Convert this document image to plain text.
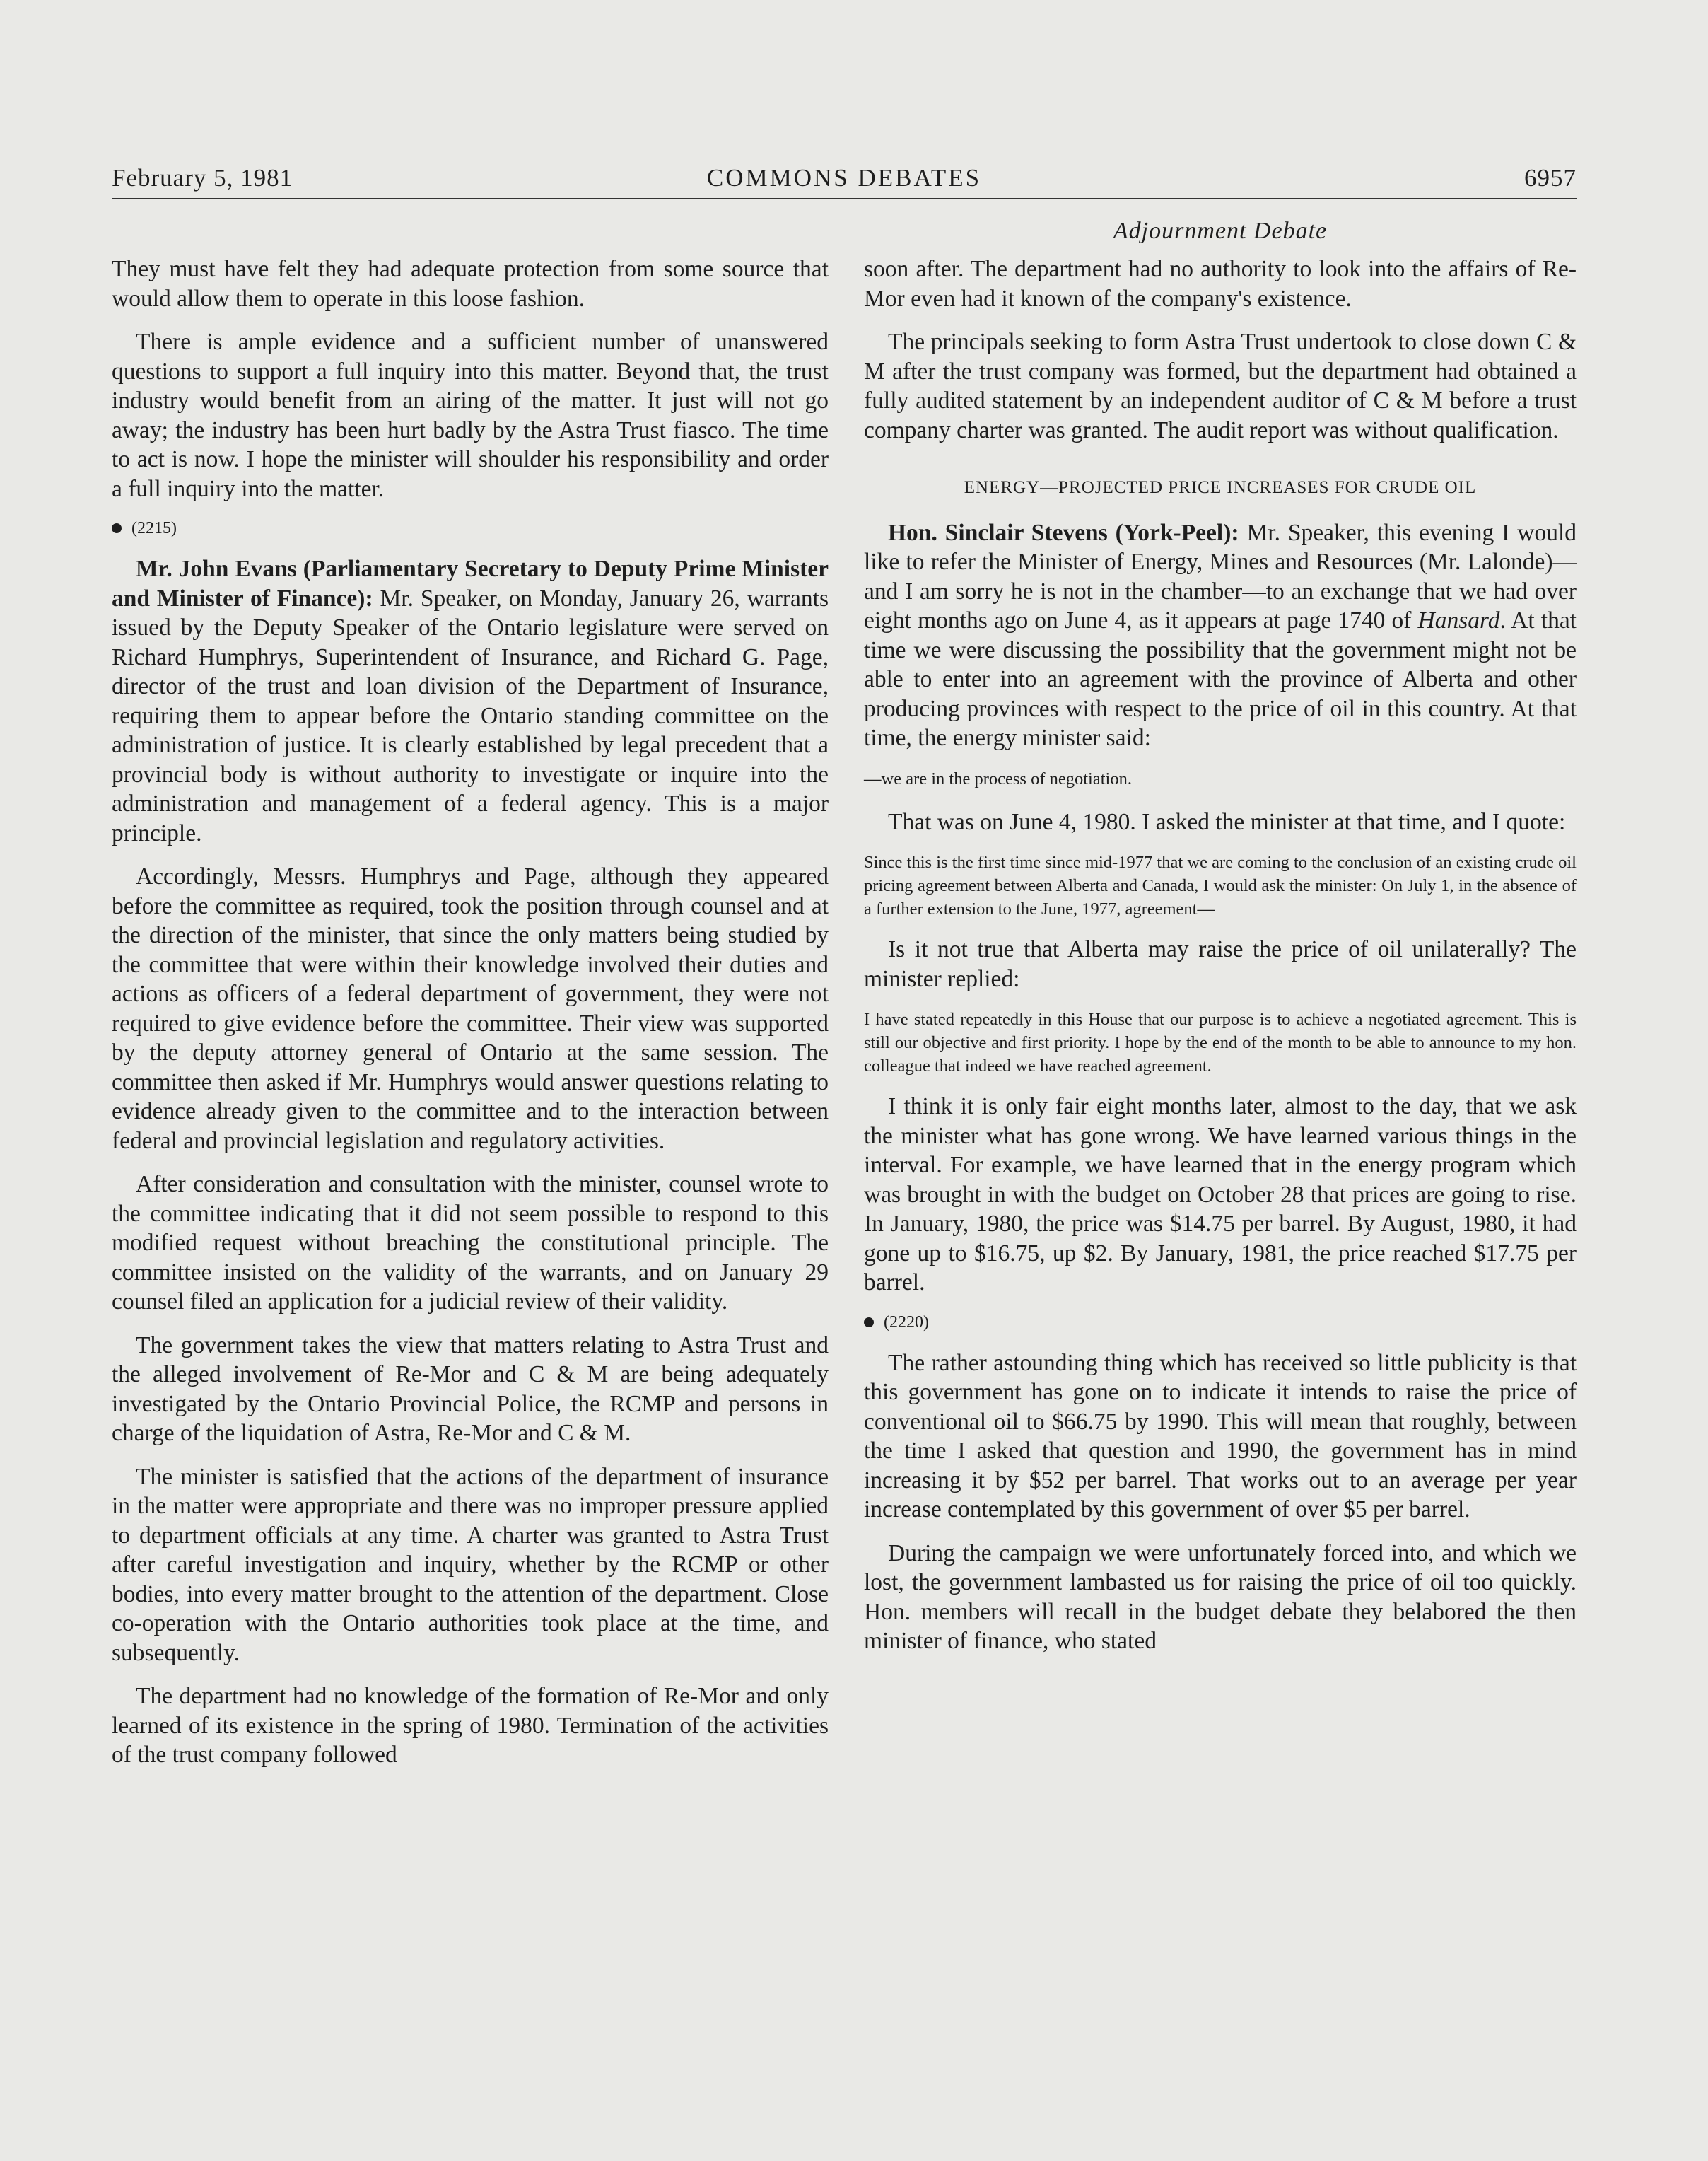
February 5, 1981	COMMONS DEBATES	6957
Adjournment Debate

They must have felt they had adequate protection from some source that would allow them to operate in this loose fashion.

There is ample evidence and a sufficient number of unanswered questions to support a full inquiry into this matter. Beyond that, the trust industry would benefit from an airing of the matter. It just will not go away; the industry has been hurt badly by the Astra Trust fiasco. The time to act is now. I hope the minister will shoulder his responsibility and order a full inquiry into the matter.

(2215)

Mr. John Evans (Parliamentary Secretary to Deputy Prime Minister and Minister of Finance): Mr. Speaker, on Monday, January 26, warrants issued by the Deputy Speaker of the Ontario legislature were served on Richard Humphrys, Superintendent of Insurance, and Richard G. Page, director of the trust and loan division of the Department of Insurance, requiring them to appear before the Ontario standing committee on the administration of justice. It is clearly established by legal precedent that a provincial body is without authority to investigate or inquire into the administration and management of a federal agency. This is a major principle.

Accordingly, Messrs. Humphrys and Page, although they appeared before the committee as required, took the position through counsel and at the direction of the minister, that since the only matters being studied by the committee that were within their knowledge involved their duties and actions as officers of a federal department of government, they were not required to give evidence before the committee. Their view was supported by the deputy attorney general of Ontario at the same session. The committee then asked if Mr. Humphrys would answer questions relating to evidence already given to the committee and to the interaction between federal and provincial legislation and regulatory activities.

After consideration and consultation with the minister, counsel wrote to the committee indicating that it did not seem possible to respond to this modified request without breaching the constitutional principle. The committee insisted on the validity of the warrants, and on January 29 counsel filed an application for a judicial review of their validity.

The government takes the view that matters relating to Astra Trust and the alleged involvement of Re-Mor and C & M are being adequately investigated by the Ontario Provincial Police, the RCMP and persons in charge of the liquidation of Astra, Re-Mor and C & M.

The minister is satisfied that the actions of the department of insurance in the matter were appropriate and there was no improper pressure applied to department officials at any time. A charter was granted to Astra Trust after careful investigation and inquiry, whether by the RCMP or other bodies, into every matter brought to the attention of the department. Close co-operation with the Ontario authorities took place at the time, and subsequently.

The department had no knowledge of the formation of Re-Mor and only learned of its existence in the spring of 1980. Termination of the activities of the trust company followed

soon after. The department had no authority to look into the affairs of Re-Mor even had it known of the company's existence.

The principals seeking to form Astra Trust undertook to close down C & M after the trust company was formed, but the department had obtained a fully audited statement by an independent auditor of C & M before a trust company charter was granted. The audit report was without qualification.

ENERGY—PROJECTED PRICE INCREASES FOR CRUDE OIL

Hon. Sinclair Stevens (York-Peel): Mr. Speaker, this evening I would like to refer the Minister of Energy, Mines and Resources (Mr. Lalonde)—and I am sorry he is not in the chamber—to an exchange that we had over eight months ago on June 4, as it appears at page 1740 of Hansard. At that time we were discussing the possibility that the government might not be able to enter into an agreement with the province of Alberta and other producing provinces with respect to the price of oil in this country. At that time, the energy minister said:

—we are in the process of negotiation.

That was on June 4, 1980. I asked the minister at that time, and I quote:

Since this is the first time since mid-1977 that we are coming to the conclusion of an existing crude oil pricing agreement between Alberta and Canada, I would ask the minister: On July 1, in the absence of a further extension to the June, 1977, agreement—

Is it not true that Alberta may raise the price of oil unilaterally? The minister replied:

I have stated repeatedly in this House that our purpose is to achieve a negotiated agreement. This is still our objective and first priority. I hope by the end of the month to be able to announce to my hon. colleague that indeed we have reached agreement.

I think it is only fair eight months later, almost to the day, that we ask the minister what has gone wrong. We have learned various things in the interval. For example, we have learned that in the energy program which was brought in with the budget on October 28 that prices are going to rise. In January, 1980, the price was $14.75 per barrel. By August, 1980, it had gone up to $16.75, up $2. By January, 1981, the price reached $17.75 per barrel.

(2220)

The rather astounding thing which has received so little publicity is that this government has gone on to indicate it intends to raise the price of conventional oil to $66.75 by 1990. This will mean that roughly, between the time I asked that question and 1990, the government has in mind increasing it by $52 per barrel. That works out to an average per year increase contemplated by this government of over $5 per barrel.

During the campaign we were unfortunately forced into, and which we lost, the government lambasted us for raising the price of oil too quickly. Hon. members will recall in the budget debate they belabored the then minister of finance, who stated
